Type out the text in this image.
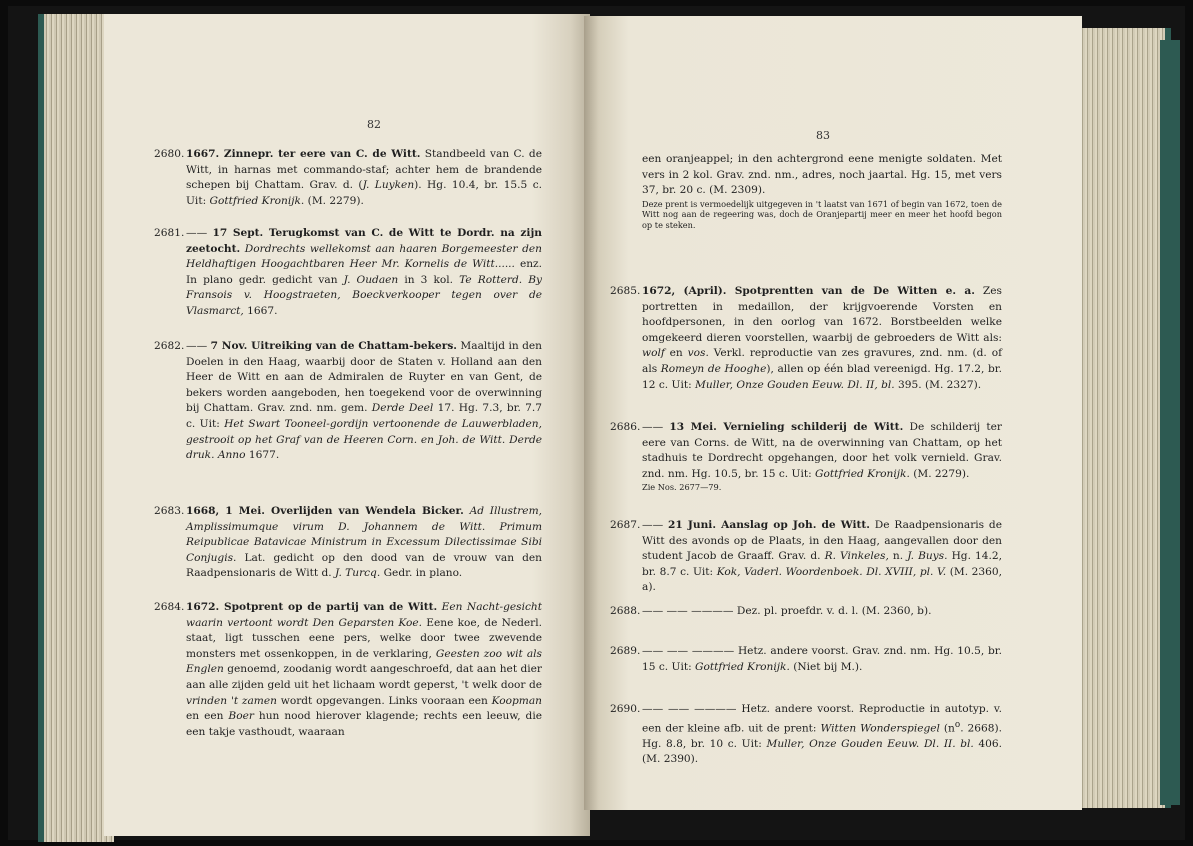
82
2680. 1667. Zinnepr. ter eere van C. de Witt. Standbeeld van C. de Witt, in harnas met commando-staf; achter hem de brandende schepen bij Chattam. Grav. d. (J. Luyken). Hg. 10.4, br. 15.5 c. Uit: Gottfried Kronijk. (M. 2279).

2681. —— 17 Sept. Terugkomst van C. de Witt te Dordr. na zijn zeetocht. Dordrechts wellekomst aan haaren Borgemeester den Heldhaftigen Hoogachtbaren Heer Mr. Kornelis de Witt...... enz. In plano gedr. gedicht van J. Oudaen in 3 kol. Te Rotterd. By Fransois v. Hoogstraeten, Boeckverkooper tegen over de Vlasmarct, 1667.

2682. —— 7 Nov. Uitreiking van de Chattam-bekers. Maaltijd in den Doelen in den Haag, waarbij door de Staten v. Holland aan den Heer de Witt en aan de Admiralen de Ruyter en van Gent, de bekers worden aangeboden, hen toegekend voor de overwinning bij Chattam. Grav. znd. nm. gem. Derde Deel 17. Hg. 7.3, br. 7.7 c. Uit: Het Swart Tooneel-gordijn vertoonende de Lauwerbladen, gestrooit op het Graf van de Heeren Corn. en Joh. de Witt. Derde druk. Anno 1677.

2683. 1668, 1 Mei. Overlijden van Wendela Bicker. Ad Illustrem, Amplissimumque virum D. Johannem de Witt. Primum Reipublicae Batavicae Ministrum in Excessum Dilectissimae Sibi Conjugis. Lat. gedicht op den dood van de vrouw van den Raadpensionaris de Witt d. J. Turcq. Gedr. in plano.

2684. 1672. Spotprent op de partij van de Witt. Een Nacht-gesicht waarin vertoont wordt Den Geparsten Koe. Eene koe, de Nederl. staat, ligt tusschen eene pers, welke door twee zwevende monsters met ossenkoppen, in de verklaring, Geesten zoo wit als Englen genoemd, zoodanig wordt aangeschroefd, dat aan het dier aan alle zijden geld uit het lichaam wordt geperst, 't welk door de vrinden 't zamen wordt opgevangen. Links vooraan een Koopman en een Boer hun nood hierover klagende; rechts een leeuw, die een takje vasthoudt, waaraan

83

een oranjeappel; in den achtergrond eene menigte soldaten. Met vers in 2 kol. Grav. znd. nm., adres, noch jaartal. Hg. 15, met vers 37, br. 20 c. (M. 2309).

Deze prent is vermoedelijk uitgegeven in 't laatst van 1671 of begin van 1672, toen de Witt nog aan de regeering was, doch de Oranjepartij meer en meer het hoofd begon op te steken.

2685. 1672, (April). Spotprentten van de De Witten e. a. Zes portretten in medaillon, der krijgvoerende Vorsten en hoofdpersonen, in den oorlog van 1672. Borstbeelden welke omgekeerd dieren voorstellen, waarbij de gebroeders de Witt als: wolf en vos. Verkl. reproductie van zes gravures, znd. nm. (d. of als Romeyn de Hooghe), allen op één blad vereenigd. Hg. 17.2, br. 12 c. Uit: Muller, Onze Gouden Eeuw. Dl. II, bl. 395. (M. 2327).

2686. —— 13 Mei. Vernieling schilderij de Witt. De schilderij ter eere van Corns. de Witt, na de overwinning van Chattam, op het stadhuis te Dordrecht opgehangen, door het volk vernield. Grav. znd. nm. Hg. 10.5, br. 15 c. Uit: Gottfried Kronijk. (M. 2279).

Zie Nos. 2677—79.

2687. —— 21 Juni. Aanslag op Joh. de Witt. De Raadpensionaris de Witt des avonds op de Plaats, in den Haag, aangevallen door den student Jacob de Graaff. Grav. d. R. Vinkeles, n. J. Buys. Hg. 14.2, br. 8.7 c. Uit: Kok, Vaderl. Woordenboek. Dl. XVIII, pl. V. (M. 2360, a).

2688. —— —— ———— Dez. pl. proefdr. v. d. l. (M. 2360, b).

2689. —— —— ———— Hetz. andere voorst. Grav. znd. nm. Hg. 10.5, br. 15 c. Uit: Gottfried Kronijk. (Niet bij M.).

2690. —— —— ———— Hetz. andere voorst. Reproductie in autotyp. v. een der kleine afb. uit de prent: Witten Wonderspiegel ($n^o$. 2668). Hg. 8.8, br. 10 c. Uit: Muller, Onze Gouden Eeuw. Dl. II. bl. 406. (M. 2390).
